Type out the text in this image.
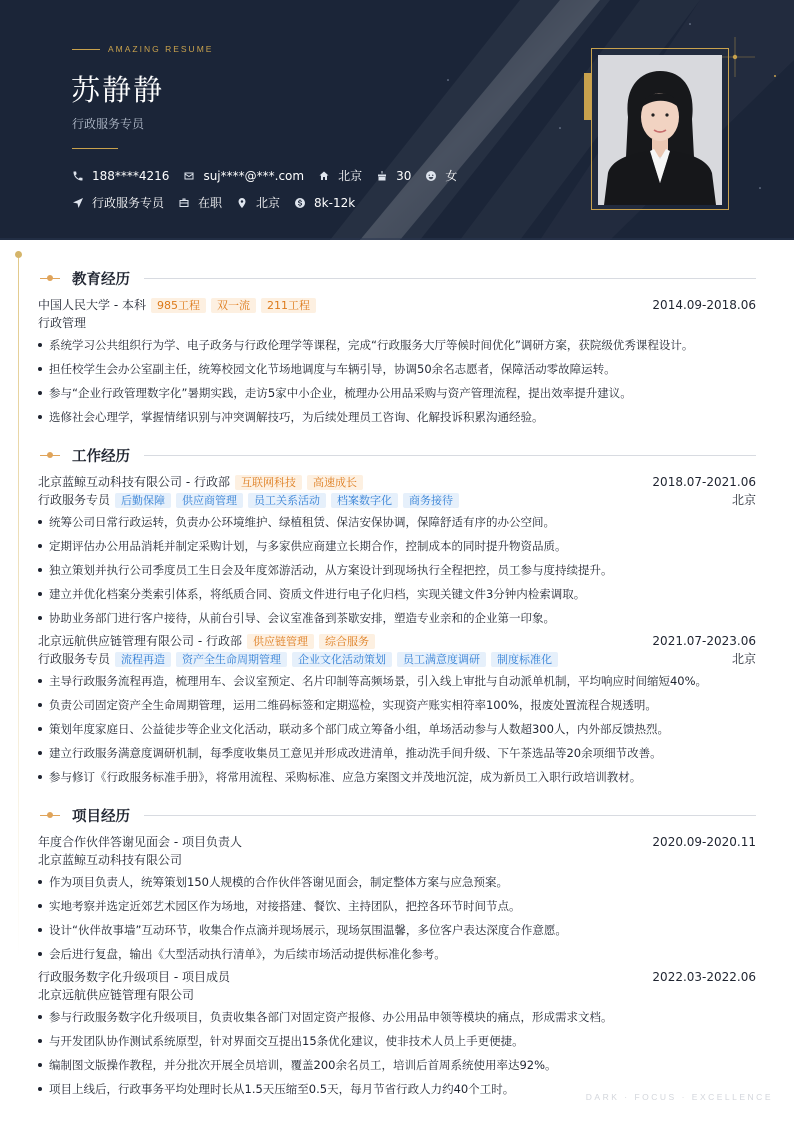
AMAZING RESUME
苏静静
行政服务专员
188****4216	suj****@***.com	北京	30	女
行政服务专员	在职	北京	8k-12k
教育经历
中国人民大学 - 本科	985工程	双一流	211工程	2014.09-2018.06
行政管理
系统学习公共组织行为学、电子政务与行政伦理学等课程，完成“行政服务大厅等候时间优化”调研方案，获院级优秀课程设计。
担任校学生会办公室副主任，统筹校园文化节场地调度与车辆引导，协调50余名志愿者，保障活动零故障运转。
参与“企业行政管理数字化”暑期实践，走访5家中小企业，梳理办公用品采购与资产管理流程，提出效率提升建议。
选修社会心理学，掌握情绪识别与冲突调解技巧，为后续处理员工咨询、化解投诉积累沟通经验。
工作经历
北京蓝鲸互动科技有限公司 - 行政部	互联网科技	高速成长	2018.07-2021.06
行政服务专员	后勤保障	供应商管理	员工关系活动	档案数字化	商务接待	北京
统筹公司日常行政运转，负责办公环境维护、绿植租赁、保洁安保协调，保障舒适有序的办公空间。
定期评估办公用品消耗并制定采购计划，与多家供应商建立长期合作，控制成本的同时提升物资品质。
独立策划并执行公司季度员工生日会及年度郊游活动，从方案设计到现场执行全程把控，员工参与度持续提升。
建立并优化档案分类索引体系，将纸质合同、资质文件进行电子化归档，实现关键文件3分钟内检索调取。
协助业务部门进行客户接待，从前台引导、会议室准备到茶歇安排，塑造专业亲和的企业第一印象。
北京远航供应链管理有限公司 - 行政部	供应链管理	综合服务	2021.07-2023.06
行政服务专员	流程再造	资产全生命周期管理	企业文化活动策划	员工满意度调研	制度标准化	北京
主导行政服务流程再造，梳理用车、会议室预定、名片印制等高频场景，引入线上审批与自动派单机制，平均响应时间缩短40%。
负责公司固定资产全生命周期管理，运用二维码标签和定期巡检，实现资产账实相符率100%，报废处置流程合规透明。
策划年度家庭日、公益徒步等企业文化活动，联动多个部门成立筹备小组，单场活动参与人数超300人，内外部反馈热烈。
建立行政服务满意度调研机制，每季度收集员工意见并形成改进清单，推动洗手间升级、下午茶选品等20余项细节改善。
参与修订《行政服务标准手册》，将常用流程、采购标准、应急方案图文并茂地沉淀，成为新员工入职行政培训教材。
项目经历
年度合作伙伴答谢见面会 - 项目负责人	2020.09-2020.11
北京蓝鲸互动科技有限公司
作为项目负责人，统筹策划150人规模的合作伙伴答谢见面会，制定整体方案与应急预案。
实地考察并选定近郊艺术园区作为场地，对接搭建、餐饮、主持团队，把控各环节时间节点。
设计“伙伴故事墙”互动环节，收集合作点滴并现场展示，现场氛围温馨，多位客户表达深度合作意愿。
会后进行复盘，输出《大型活动执行清单》，为后续市场活动提供标准化参考。
行政服务数字化升级项目 - 项目成员	2022.03-2022.06
北京远航供应链管理有限公司
参与行政服务数字化升级项目，负责收集各部门对固定资产报修、办公用品申领等模块的痛点，形成需求文档。
与开发团队协作测试系统原型，针对界面交互提出15条优化建议，使非技术人员上手更便捷。
编制图文版操作教程，并分批次开展全员培训，覆盖200余名员工，培训后首周系统使用率达92%。
项目上线后，行政事务平均处理时长从1.5天压缩至0.5天，每月节省行政人力约40个工时。
DARK · FOCUS · EXCELLENCE
